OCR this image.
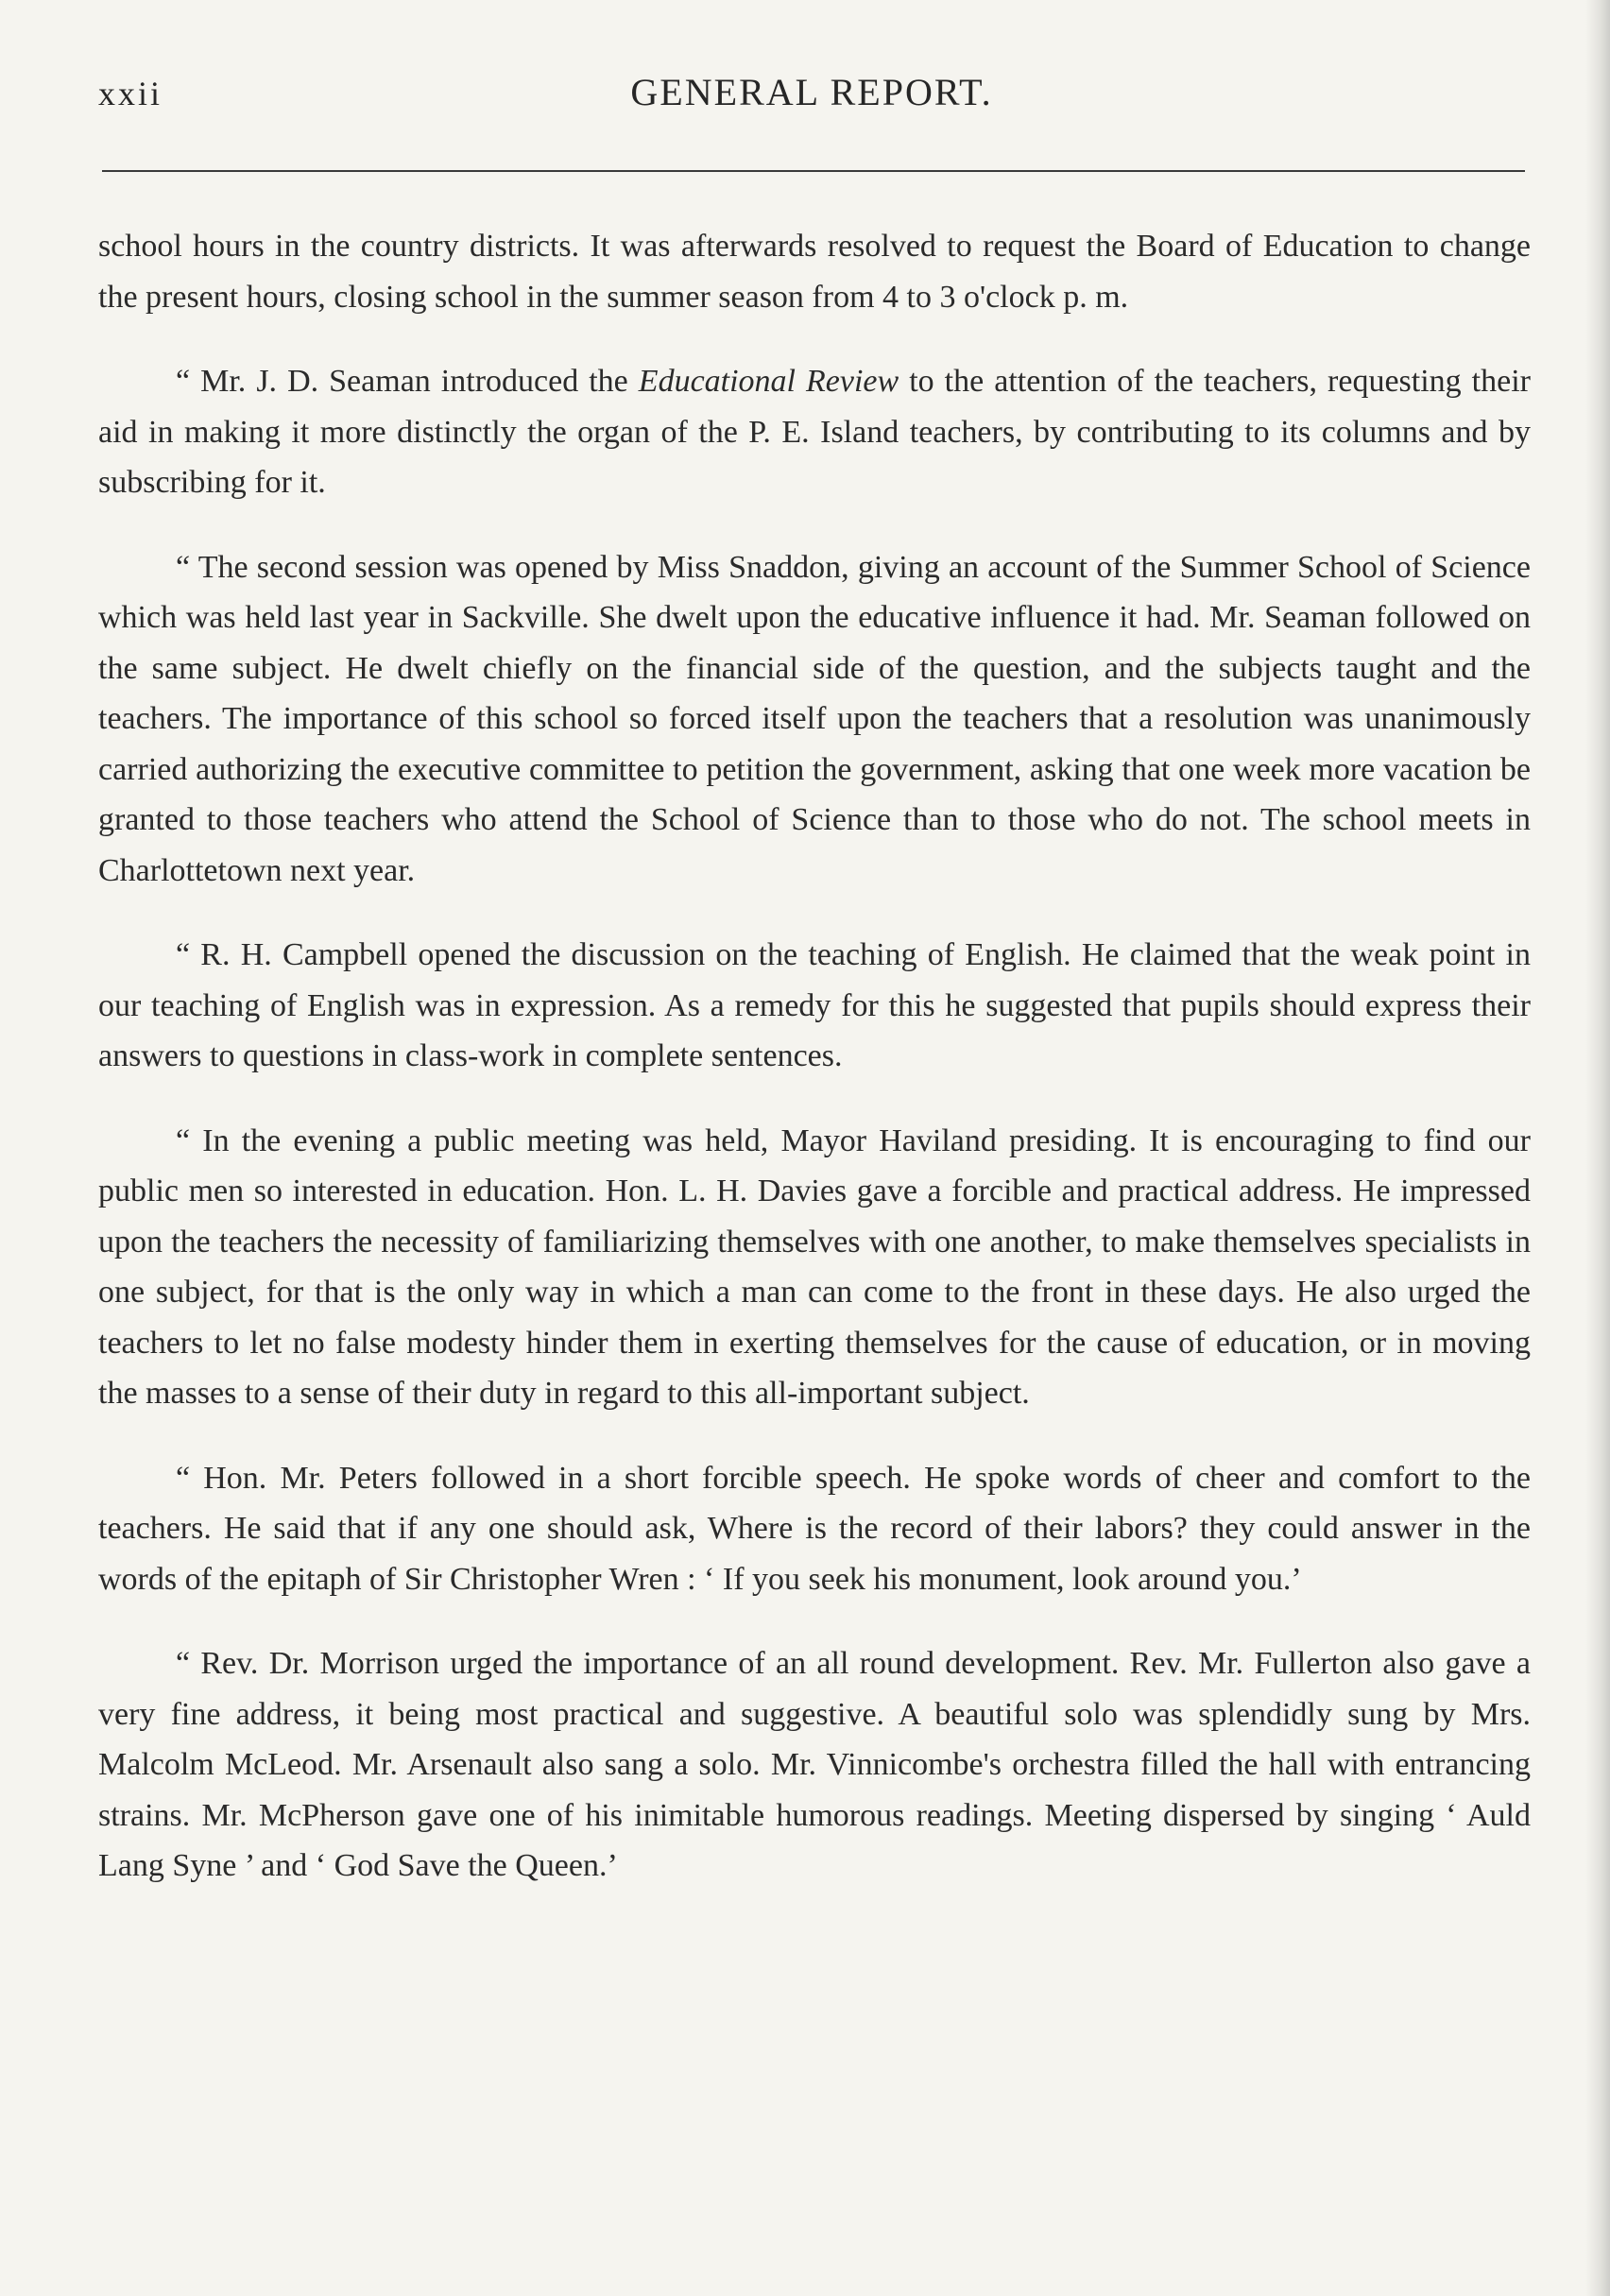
xxii	GENERAL REPORT.

school hours in the country districts. It was afterwards resolved to request the Board of Education to change the present hours, closing school in the summer season from 4 to 3 o'clock p. m.

“ Mr. J. D. Seaman introduced the Educational Review to the attention of the teachers, requesting their aid in making it more distinctly the organ of the P. E. Island teachers, by contributing to its columns and by subscribing for it.

“ The second session was opened by Miss Snaddon, giving an account of the Summer School of Science which was held last year in Sackville. She dwelt upon the educative influence it had. Mr. Seaman followed on the same subject. He dwelt chiefly on the financial side of the question, and the subjects taught and the teachers. The importance of this school so forced itself upon the teachers that a resolution was unanimously carried authorizing the executive committee to petition the government, asking that one week more vacation be granted to those teachers who attend the School of Science than to those who do not. The school meets in Charlottetown next year.

“ R. H. Campbell opened the discussion on the teaching of English. He claimed that the weak point in our teaching of English was in expression. As a remedy for this he suggested that pupils should express their answers to questions in class-work in complete sentences.

“ In the evening a public meeting was held, Mayor Haviland presiding. It is encouraging to find our public men so interested in education. Hon. L. H. Davies gave a forcible and practical address. He impressed upon the teachers the necessity of familiarizing themselves with one another, to make themselves specialists in one subject, for that is the only way in which a man can come to the front in these days. He also urged the teachers to let no false modesty hinder them in exerting themselves for the cause of education, or in moving the masses to a sense of their duty in regard to this all-important subject.

“ Hon. Mr. Peters followed in a short forcible speech. He spoke words of cheer and comfort to the teachers. He said that if any one should ask, Where is the record of their labors? they could answer in the words of the epitaph of Sir Christopher Wren : ‘ If you seek his monument, look around you.’

“ Rev. Dr. Morrison urged the importance of an all round development. Rev. Mr. Fullerton also gave a very fine address, it being most practical and suggestive. A beautiful solo was splendidly sung by Mrs. Malcolm McLeod. Mr. Arsenault also sang a solo. Mr. Vinnicombe's orchestra filled the hall with entrancing strains. Mr. McPherson gave one of his inimitable humorous readings. Meeting dispersed by singing ‘ Auld Lang Syne ’ and ‘ God Save the Queen.’
